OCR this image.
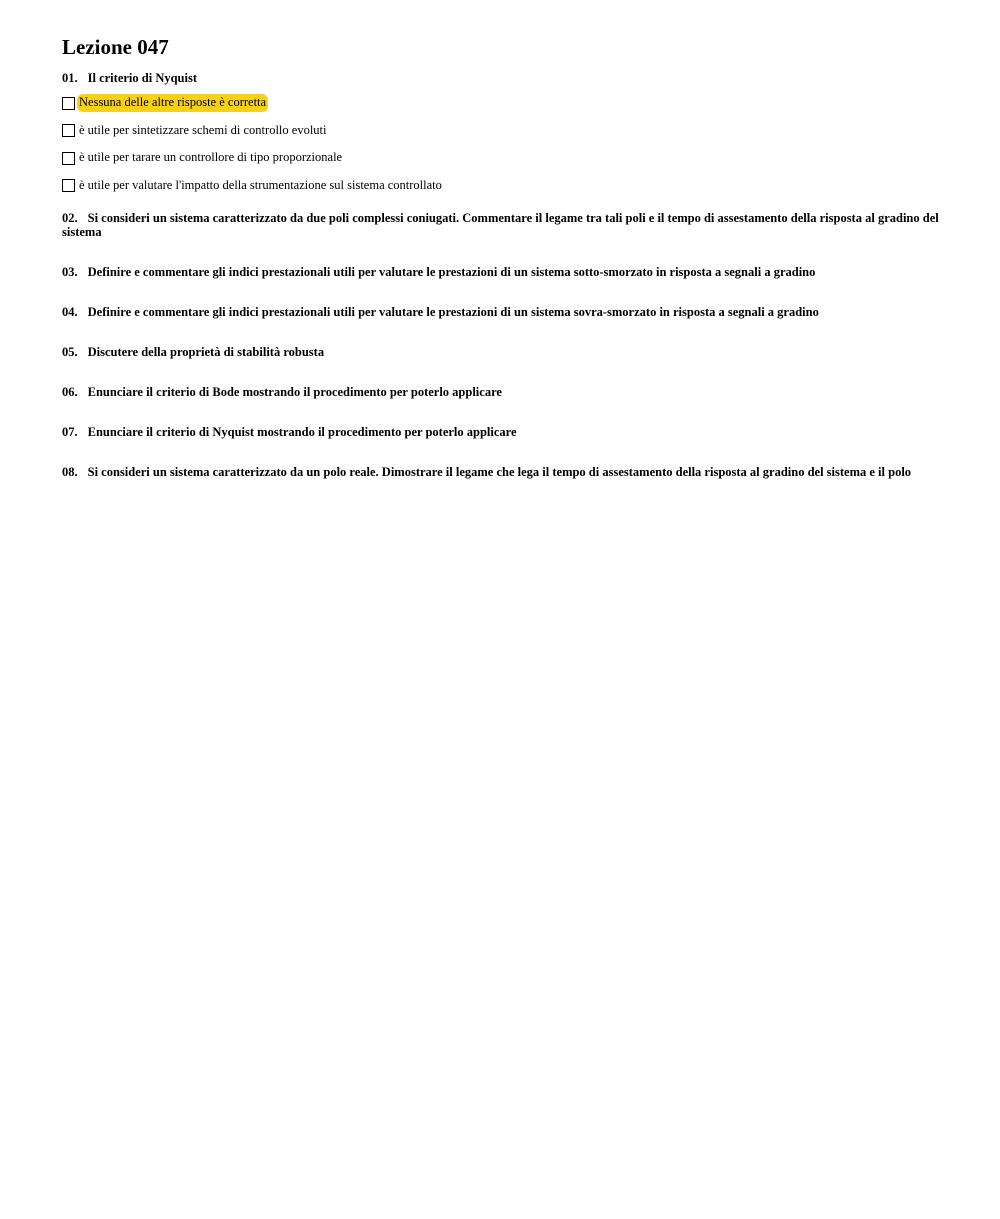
Lezione 047
01. Il criterio di Nyquist
Nessuna delle altre risposte è corretta
è utile per sintetizzare schemi di controllo evoluti
è utile per tarare un controllore di tipo proporzionale
è utile per valutare l'impatto della strumentazione sul sistema controllato
02. Si consideri un sistema caratterizzato da due poli complessi coniugati. Commentare il legame tra tali poli e il tempo di assestamento della risposta al gradino del sistema
03. Definire e commentare gli indici prestazionali utili per valutare le prestazioni di un sistema sotto-smorzato in risposta a segnali a gradino
04. Definire e commentare gli indici prestazionali utili per valutare le prestazioni di un sistema sovra-smorzato in risposta a segnali a gradino
05. Discutere della proprietà di stabilità robusta
06. Enunciare il criterio di Bode mostrando il procedimento per poterlo applicare
07. Enunciare il criterio di Nyquist mostrando il procedimento per poterlo applicare
08. Si consideri un sistema caratterizzato da un polo reale. Dimostrare il legame che lega il tempo di assestamento della risposta al gradino del sistema e il polo
